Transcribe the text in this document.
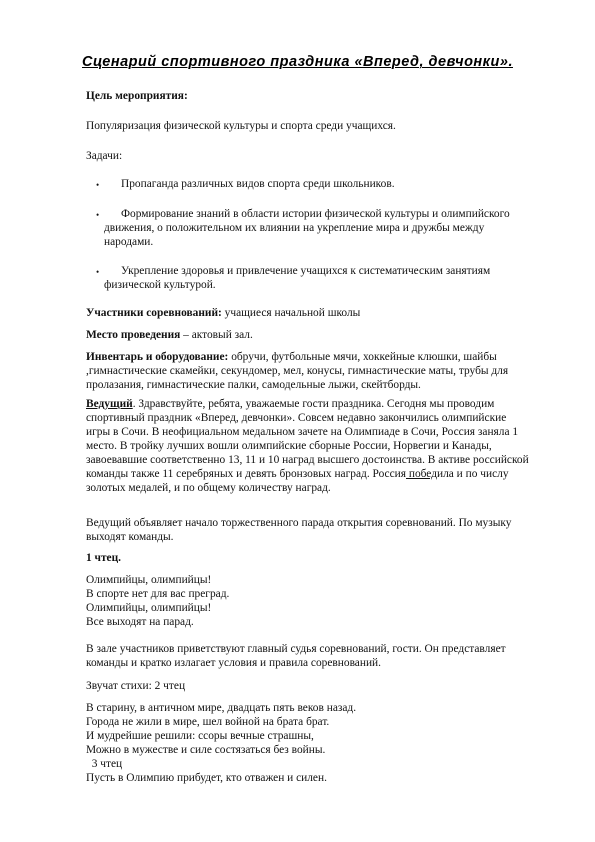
Сценарий спортивного праздника «Вперед, девчонки».
Цель мероприятия:
Популяризация физической культуры и спорта среди учащихся.
Задачи:
• Пропаганда различных видов спорта среди школьников.
• Формирование знаний в области истории физической культуры и олимпийского
движения, о положительном их влиянии на укрепление мира и дружбы между
народами.
• Укрепление здоровья и привлечение учащихся к систематическим занятиям
физической культурой.
Участники соревнований: учащиеся начальной школы
Место проведения – актовый зал.
Инвентарь и оборудование: обручи, футбольные мячи, хоккейные клюшки, шайбы
,гимнастические скамейки, секундомер, мел, конусы, гимнастические маты, трубы для
пролазания, гимнастические палки, самодельные лыжи, скейтборды.
Ведущий. Здравствуйте, ребята, уважаемые гости праздника. Сегодня мы проводим
спортивный праздник «Вперед, девчонки». Совсем недавно закончились олимпийские
игры в Сочи. В неофициальном медальном зачете на Олимпиаде в Сочи, Россия заняла 1
место. В тройку лучших вошли олимпийские сборные России, Норвегии и Канады,
завоевавшие соответственно 13, 11 и 10 наград высшего достоинства. В активе российской
команды также 11 серебряных и девять бронзовых наград. Россия победила и по числу
золотых медалей, и по общему количеству наград.
Ведущий объявляет начало торжественного парада открытия соревнований. По музыку
выходят команды.
1 чтец.
Олимпийцы, олимпийцы!
В спорте нет для вас преград.
Олимпийцы, олимпийцы!
Все выходят на парад.
В зале участников приветствуют главный судья соревнований, гости. Он представляет
команды и кратко излагает условия и правила соревнований.
Звучат стихи: 2 чтец
В старину, в античном мире, двадцать пять веков назад.
Города не жили в мире, шел войной на брата брат.
И мудрейшие решили: ссоры вечные страшны,
Можно в мужестве и силе состязаться без войны.
3 чтец
Пусть в Олимпию прибудет, кто отважен и силен.
